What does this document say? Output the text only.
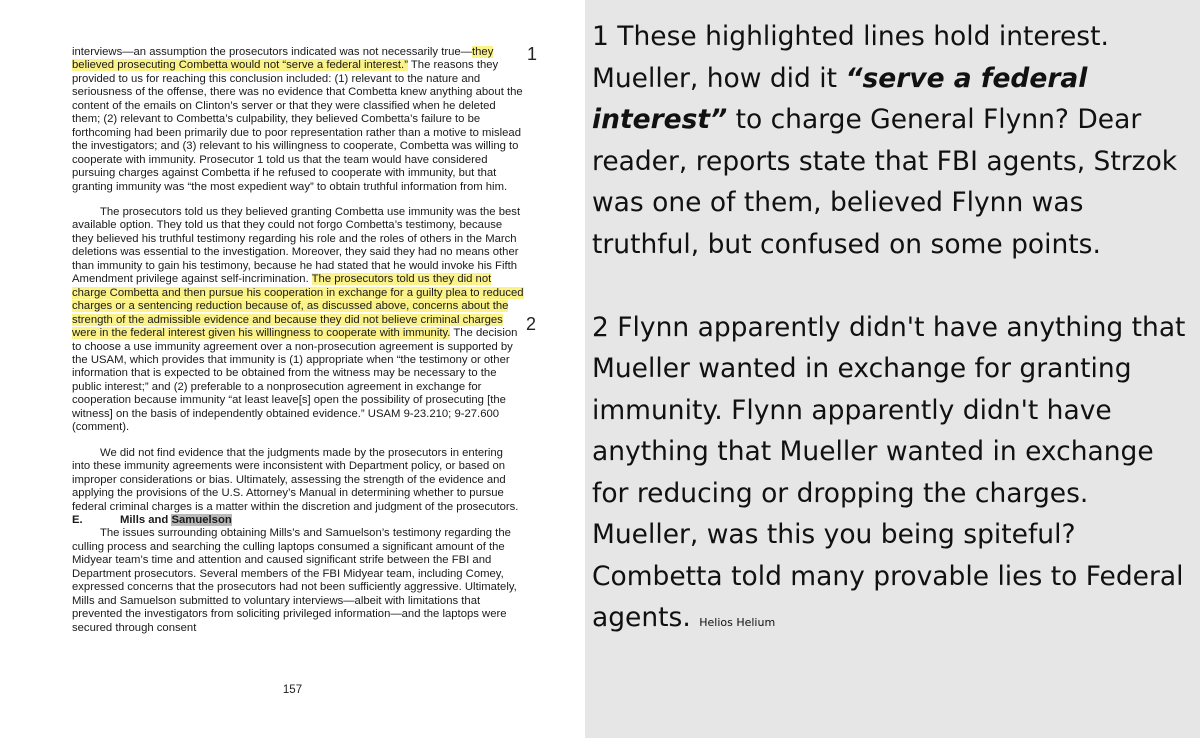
interviews—an assumption the prosecutors indicated was not necessarily true—they believed prosecuting Combetta would not “serve a federal interest.” The reasons they provided to us for reaching this conclusion included: (1) relevant to the nature and seriousness of the offense, there was no evidence that Combetta knew anything about the content of the emails on Clinton’s server or that they were classified when he deleted them; (2) relevant to Combetta’s culpability, they believed Combetta’s failure to be forthcoming had been primarily due to poor representation rather than a motive to mislead the investigators; and (3) relevant to his willingness to cooperate, Combetta was willing to cooperate with immunity. Prosecutor 1 told us that the team would have considered pursuing charges against Combetta if he refused to cooperate with immunity, but that granting immunity was “the most expedient way” to obtain truthful information from him.

The prosecutors told us they believed granting Combetta use immunity was the best available option. They told us that they could not forgo Combetta’s testimony, because they believed his truthful testimony regarding his role and the roles of others in the March deletions was essential to the investigation. Moreover, they said they had no means other than immunity to gain his testimony, because he had stated that he would invoke his Fifth Amendment privilege against self-incrimination. The prosecutors told us they did not charge Combetta and then pursue his cooperation in exchange for a guilty plea to reduced charges or a sentencing reduction because of, as discussed above, concerns about the strength of the admissible evidence and because they did not believe criminal charges were in the federal interest given his willingness to cooperate with immunity. The decision to choose a use immunity agreement over a non-prosecution agreement is supported by the USAM, which provides that immunity is (1) appropriate when “the testimony or other information that is expected to be obtained from the witness may be necessary to the public interest;” and (2) preferable to a nonprosecution agreement in exchange for cooperation because immunity “at least leave[s] open the possibility of prosecuting [the witness] on the basis of independently obtained evidence.” USAM 9-23.210; 9-27.600 (comment).

We did not find evidence that the judgments made by the prosecutors in entering into these immunity agreements were inconsistent with Department policy, or based on improper considerations or bias. Ultimately, assessing the strength of the evidence and applying the provisions of the U.S. Attorney’s Manual in determining whether to pursue federal criminal charges is a matter within the discretion and judgment of the prosecutors.

E.	Mills and Samuelson

The issues surrounding obtaining Mills’s and Samuelson’s testimony regarding the culling process and searching the culling laptops consumed a significant amount of the Midyear team’s time and attention and caused significant strife between the FBI and Department prosecutors. Several members of the FBI Midyear team, including Comey, expressed concerns that the prosecutors had not been sufficiently aggressive. Ultimately, Mills and Samuelson submitted to voluntary interviews—albeit with limitations that prevented the investigators from soliciting privileged information—and the laptops were secured through consent

1
2
157

1 These highlighted lines hold interest. Mueller, how did it “serve a federal interest” to charge General Flynn? Dear reader, reports state that FBI agents, Strzok was one of them, believed Flynn was truthful, but confused on some points.

2 Flynn apparently didn't have anything that Mueller wanted in exchange for granting immunity. Flynn apparently didn't have anything that Mueller wanted in exchange for reducing or dropping the charges. Mueller, was this you being spiteful? Combetta told many provable lies to Federal agents. Helios Helium
